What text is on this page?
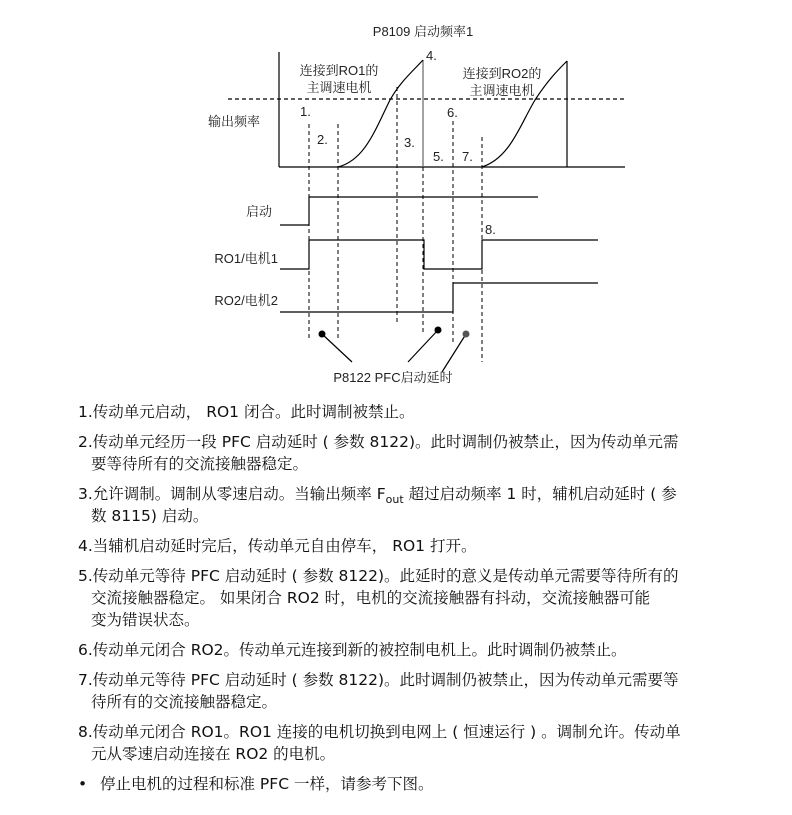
P8109 启动频率1
输出频率
连接到RO1的
主调速电机
连接到RO2的
主调速电机
1.
2.	3.
4.
5.
6.
7.
8.
启动
RO1/电机1
RO2/电机2
P8122 PFC启动延时

1.传动单元启动， RO1 闭合。此时调制被禁止。

2.传动单元经历一段 PFC 启动延时 ( 参数 8122)。此时调制仍被禁止，因为传动单元需
要等待所有的交流接触器稳定。

3.允许调制。调制从零速启动。当输出频率 $F_{out}$ 超过启动频率 1 时，辅机启动延时 ( 参
数 8115) 启动。

4.当辅机启动延时完后，传动单元自由停车， RO1 打开。

5.传动单元等待 PFC 启动延时 ( 参数 8122)。此延时的意义是传动单元需要等待所有的
交流接触器稳定。 如果闭合 RO2 时，电机的交流接触器有抖动，交流接触器可能
变为错误状态。

6.传动单元闭合 RO2。传动单元连接到新的被控制电机上。此时调制仍被禁止。

7.传动单元等待 PFC 启动延时 ( 参数 8122)。此时调制仍被禁止，因为传动单元需要等
待所有的交流接触器稳定。

8.传动单元闭合 RO1。RO1 连接的电机切换到电网上 ( 恒速运行 ) 。调制允许。传动单
元从零速启动连接在 RO2 的电机。

• 停止电机的过程和标准 PFC 一样，请参考下图。
